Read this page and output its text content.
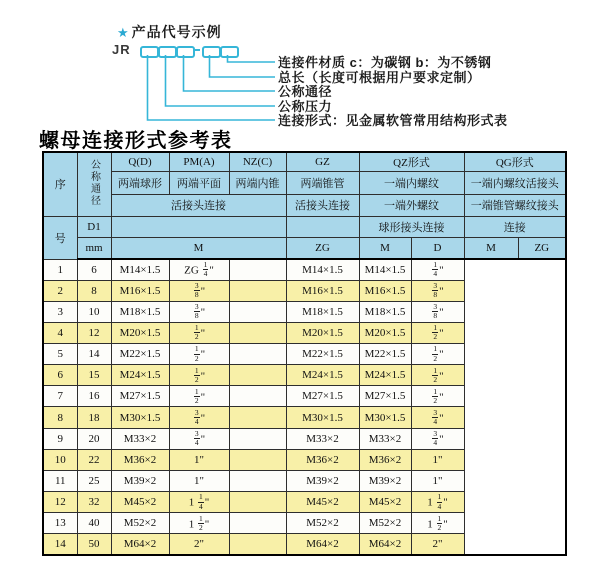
★ 产品代号示例
JR
连接件材质 c：为碳钢 b：为不锈钢
总长（长度可根据用户要求定制）
公称通径
公称压力
连接形式：见金属软管常用结构形式表
螺母连接形式参考表
序	公称通径	Q(D)	PM(A)	NZ(C)	GZ	QZ形式		QG形式	
		两端球形	两端平面	两端内锥	两端锥管	一端内螺纹		一端内螺纹活接头	
		活接头连接			活接头连接	一端外螺纹		一端锥管螺纹接头	
号	D1					球形接头连接		连接	
	mm	M			ZG	M	D	M	ZG
1	6	M14×1.5	ZG $\frac{1}{4}$ "		M14×1.5	M14×1.5	$\frac{1}{4}$ "		
2	8	M16×1.5	$\frac{3}{8}$ "		M16×1.5	M16×1.5	$\frac{3}{8}$ "		
3	10	M18×1.5	$\frac{3}{8}$ "		M18×1.5	M18×1.5	$\frac{3}{8}$ "		
4	12	M20×1.5	$\frac{1}{2}$ "		M20×1.5	M20×1.5	$\frac{1}{2}$ "		
5	14	M22×1.5	$\frac{1}{2}$ "		M22×1.5	M22×1.5	$\frac{1}{2}$ "		
6	15	M24×1.5	$\frac{1}{2}$ "		M24×1.5	M24×1.5	$\frac{1}{2}$ "		
7	16	M27×1.5	$\frac{1}{2}$ "		M27×1.5	M27×1.5	$\frac{1}{2}$ "		
8	18	M30×1.5	$\frac{3}{4}$ "		M30×1.5	M30×1.5	$\frac{3}{4}$ "		
9	20	M33×2	$\frac{3}{4}$ "		M33×2	M33×2	$\frac{3}{4}$ "		
10	22	M36×2	1"		M36×2	M36×2	1"		
11	25	M39×2	1"		M39×2	M39×2	1"		
12	32	M45×2	$1 \frac{1}{4}$ "		M45×2	M45×2	$1 \frac{1}{4}$ "		
13	40	M52×2	$1 \frac{1}{2}$ "		M52×2	M52×2	$1 \frac{1}{2}$ "		
14	50	M64×2	2"		M64×2	M64×2	2"		
